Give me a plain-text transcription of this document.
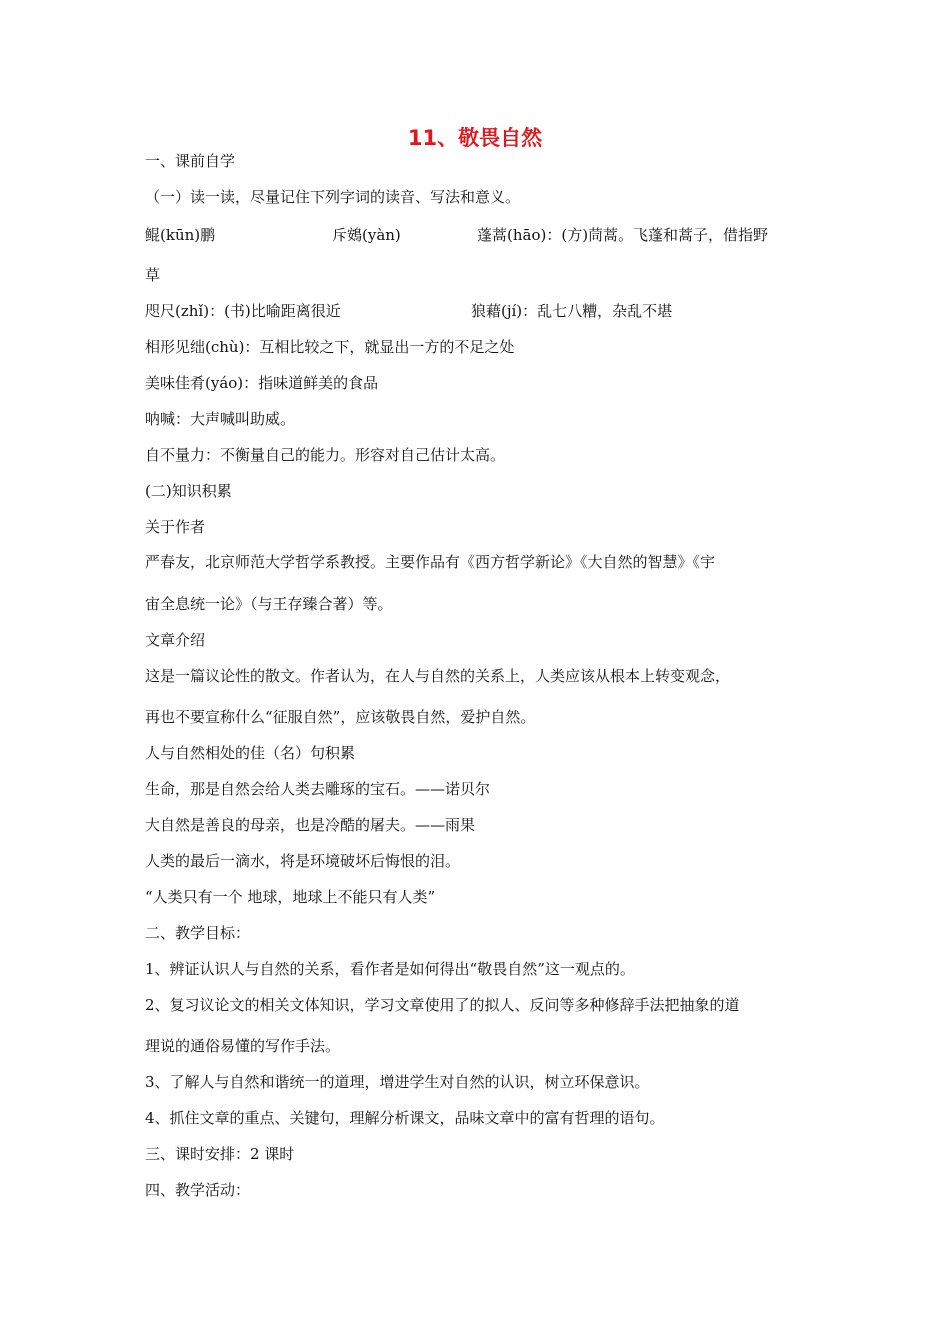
11、敬畏自然
一、课前自学
（一）读一读，尽量记住下列字词的读音、写法和意义。
鲲(kūn)鹏	斥鴳(yàn)	蓬蒿(hāo)：(方)茼蒿。飞蓬和蒿子，借指野
草
咫尺(zhǐ)：(书)比喻距离很近	狼藉(jí)：乱七八糟，杂乱不堪
相形见绌(chù)：互相比较之下，就显出一方的不足之处
美味佳肴(yáo)：指味道鲜美的食品
呐喊：大声喊叫助威。
自不量力：不衡量自己的能力。形容对自己估计太高。
(二)知识积累
关于作者
严春友，北京师范大学哲学系教授。主要作品有《西方哲学新论》《大自然的智慧》《宇
宙全息统一论》（与王存臻合著）等。
文章介绍
这是一篇议论性的散文。作者认为，在人与自然的关系上，人类应该从根本上转变观念，
再也不要宣称什么“征服自然”，应该敬畏自然，爱护自然。
人与自然相处的佳（名）句积累
生命，那是自然会给人类去雕琢的宝石。——诺贝尔
大自然是善良的母亲，也是冷酷的屠夫。——雨果
人类的最后一滴水，将是环境破坏后悔恨的泪。
“人类只有一个 地球，地球上不能只有人类”
二、教学目标：
1、辨证认识人与自然的关系，看作者是如何得出“敬畏自然”这一观点的。
2、复习议论文的相关文体知识，学习文章使用了的拟人、反问等多种修辞手法把抽象的道
理说的通俗易懂的写作手法。
3、了解人与自然和谐统一的道理，增进学生对自然的认识，树立环保意识。
4、抓住文章的重点、关键句，理解分析课文，品味文章中的富有哲理的语句。
三、课时安排：2 课时
四、教学活动：
